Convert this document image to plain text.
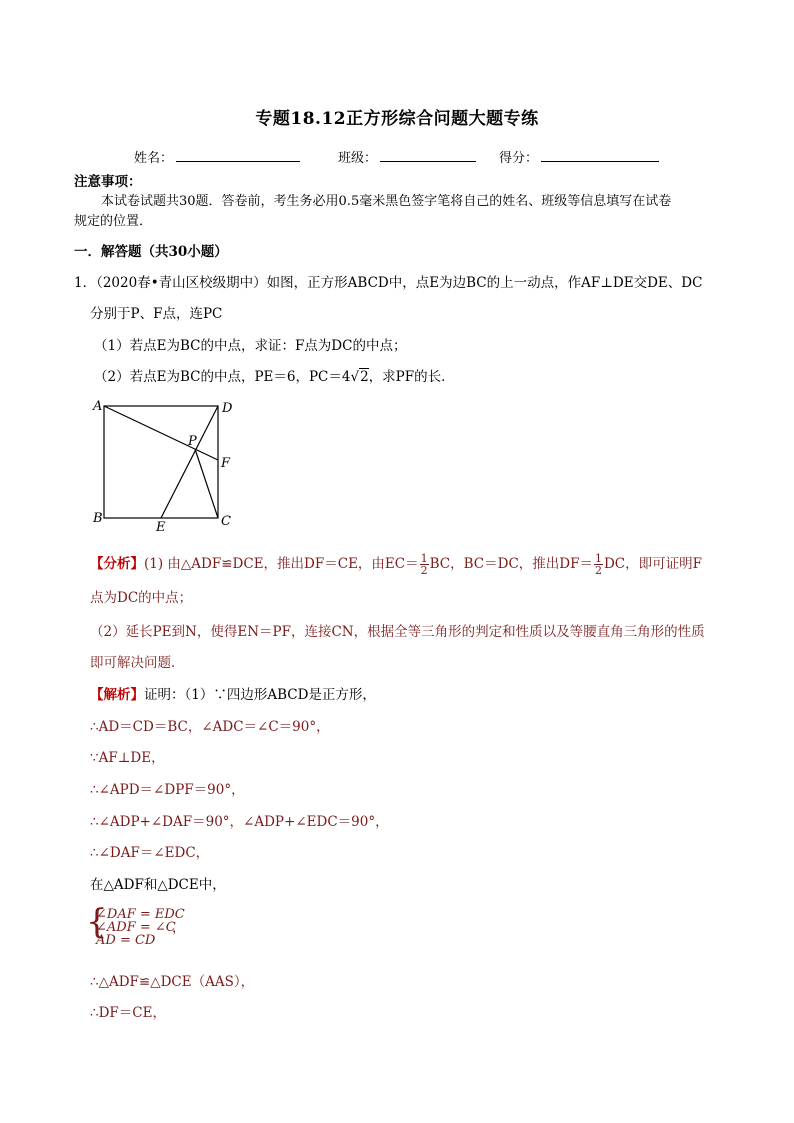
专题18.12正方形综合问题大题专练
姓名：	班级：	得分：
注意事项：
本试卷试题共30题．答卷前，考生务必用0.5毫米黑色签字笔将自己的姓名、班级等信息填写在试卷
规定的位置．
一．解答题（共30小题）
1．（2020春•青山区校级期中）如图，正方形ABCD中，点E为边BC的上一动点，作AF⊥DE交DE、DC
分别于P、F点，连PC
（1）若点E为BC的中点，求证：F点为DC的中点；
（2）若点E为BC的中点，PE＝6，PC＝4√2，求PF的长．
A	D
P
F
B
E	C
【分析】(1) 由△ADF≌DCE，推出DF＝CE，由$EC= \frac{1}{2}$ BC，BC＝DC，推出$DF= \frac{1}{2}$ DC，即可证明F
点为DC的中点；
（2）延长PE到N，使得EN＝PF，连接CN，根据全等三角形的判定和性质以及等腰直角三角形的性质
即可解决问题．
【解析】证明：（1）∵四边形ABCD是正方形，
∴AD＝CD＝BC，∠ADC＝∠C＝90°，
∵AF⊥DE，
∴∠APD＝∠DPF＝90°，
∴∠ADP+∠DAF＝90°，∠ADP+∠EDC＝90°，
∴∠DAF＝∠EDC，
在△ADF和△DCE中，
{
∠DAF = EDC
∠ADF = ∠C
AD = CD
，
∴△ADF≌△DCE（AAS），
∴DF＝CE，
